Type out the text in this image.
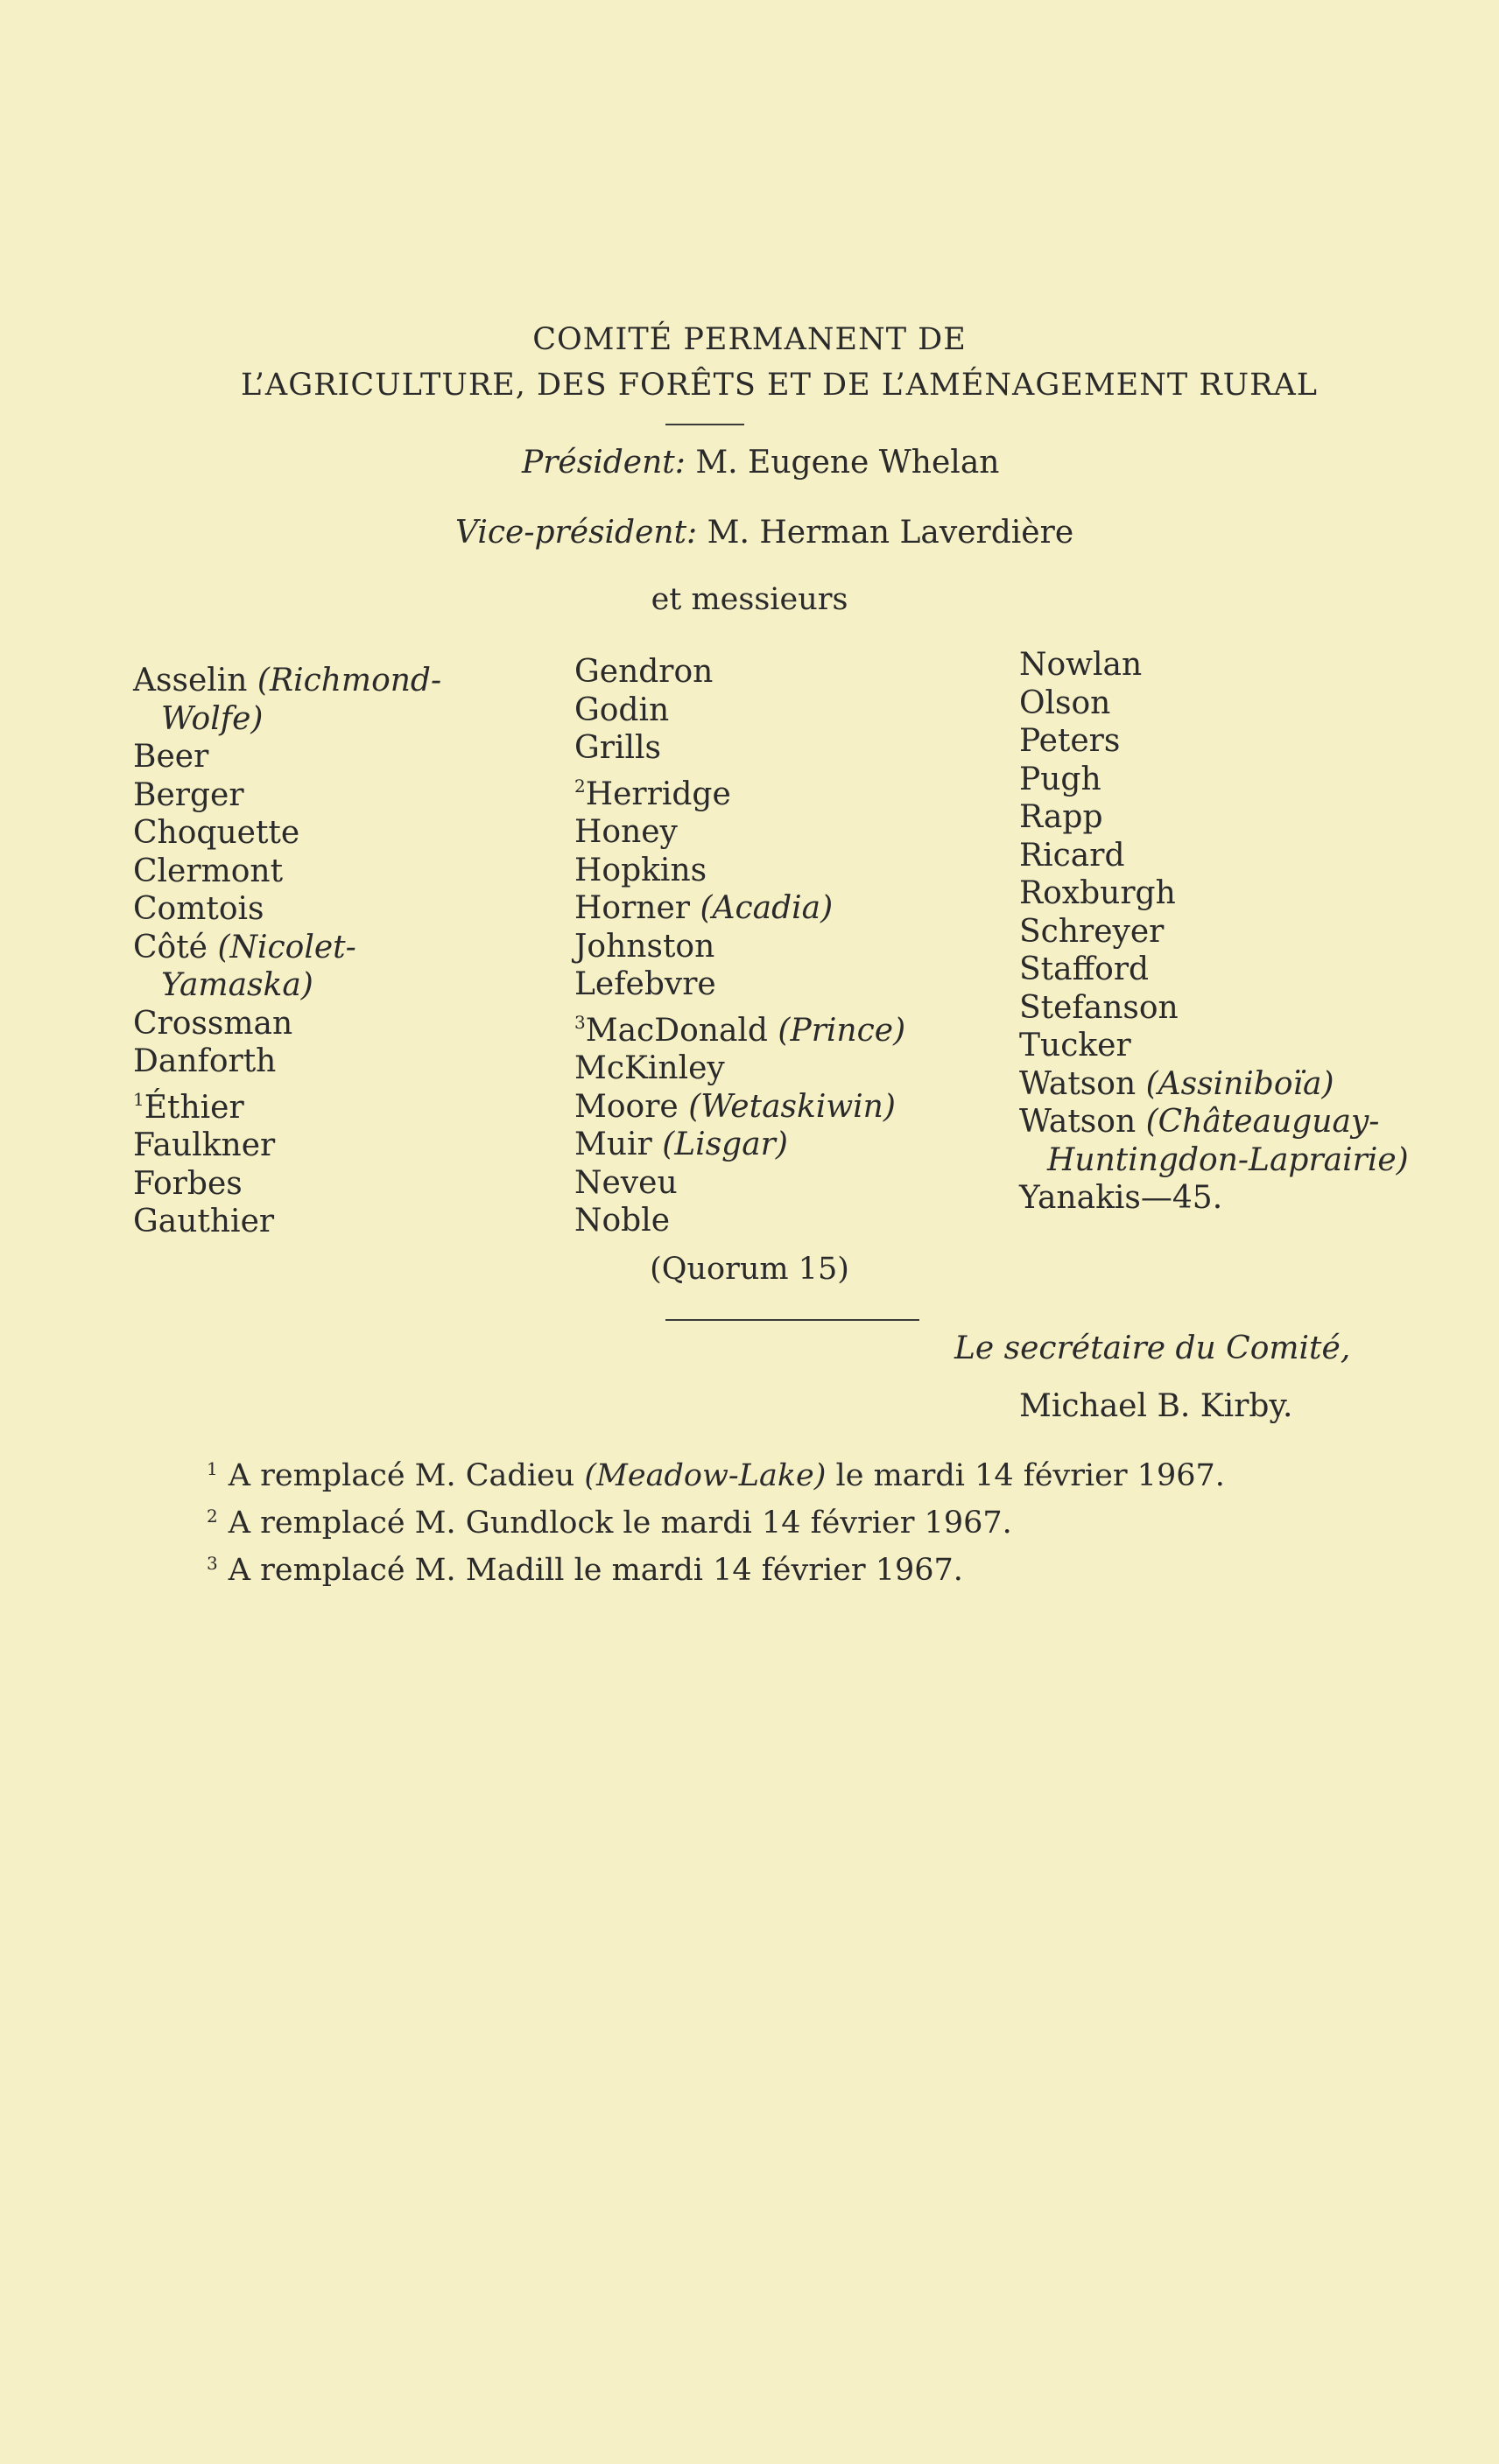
COMITÉ PERMANENT DE
L’AGRICULTURE, DES FORÊTS ET DE L’AMÉNAGEMENT RURAL
Président: M. Eugene Whelan
Vice-président: M. Herman Laverdière
et messieurs
Asselin (Richmond-
Wolfe)
Beer
Berger
Choquette
Clermont
Comtois
Côté (Nicolet-
Yamaska)
Crossman
Danforth
$^1$Éthier
Faulkner
Forbes
Gauthier
Gendron
Godin
Grills
$^2$Herridge
Honey
Hopkins
Horner (Acadia)
Johnston
Lefebvre
$^3$MacDonald (Prince)
McKinley
Moore (Wetaskiwin)
Muir (Lisgar)
Neveu
Noble
Nowlan
Olson
Peters
Pugh
Rapp
Ricard
Roxburgh
Schreyer
Stafford
Stefanson
Tucker
Watson (Assiniboïa)
Watson (Châteauguay-
Huntingdon-Laprairie)
Yanakis—45.
(Quorum 15)
Le secrétaire du Comité,
Michael B. Kirby.
$^1$ A remplacé M. Cadieu (Meadow-Lake) le mardi 14 février 1967.
$^2$ A remplacé M. Gundlock le mardi 14 février 1967.
$^3$ A remplacé M. Madill le mardi 14 février 1967.
